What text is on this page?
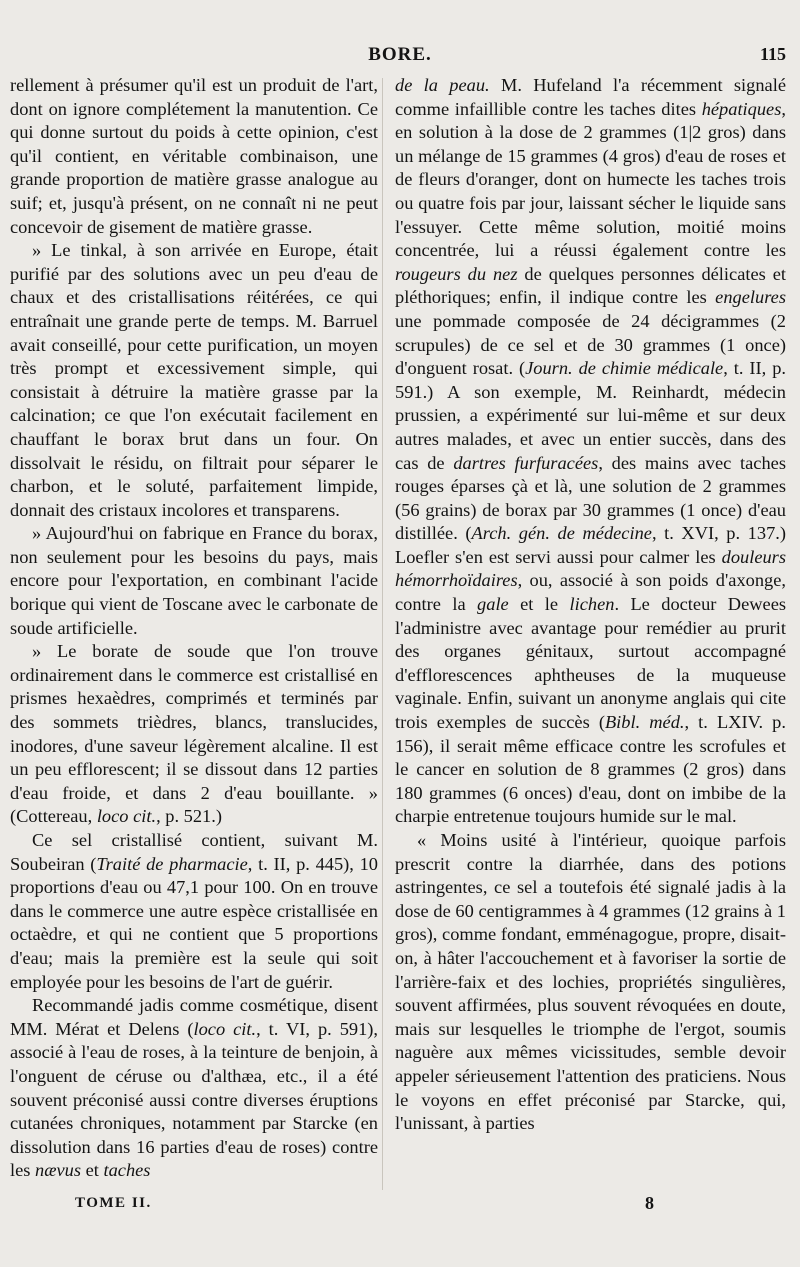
BORE.	115

rellement à présumer qu'il est un produit de l'art, dont on ignore complétement la manutention. Ce qui donne surtout du poids à cette opinion, c'est qu'il contient, en véritable combinaison, une grande proportion de matière grasse analogue au suif; et, jusqu'à présent, on ne connaît ni ne peut concevoir de gisement de matière grasse.

» Le tinkal, à son arrivée en Europe, était purifié par des solutions avec un peu d'eau de chaux et des cristallisations réitérées, ce qui entraînait une grande perte de temps. M. Barruel avait conseillé, pour cette purification, un moyen très prompt et excessivement simple, qui consistait à détruire la matière grasse par la calcination; ce que l'on exécutait facilement en chauffant le borax brut dans un four. On dissolvait le résidu, on filtrait pour séparer le charbon, et le soluté, parfaitement limpide, donnait des cristaux incolores et transparens.

» Aujourd'hui on fabrique en France du borax, non seulement pour les besoins du pays, mais encore pour l'exportation, en combinant l'acide borique qui vient de Toscane avec le carbonate de soude artificielle.

» Le borate de soude que l'on trouve ordinairement dans le commerce est cristallisé en prismes hexaèdres, comprimés et terminés par des sommets trièdres, blancs, translucides, inodores, d'une saveur légèrement alcaline. Il est un peu efflorescent; il se dissout dans 12 parties d'eau froide, et dans 2 d'eau bouillante. » (Cottereau, loco cit., p. 521.)

Ce sel cristallisé contient, suivant M. Soubeiran (Traité de pharmacie, t. II, p. 445), 10 proportions d'eau ou 47,1 pour 100. On en trouve dans le commerce une autre espèce cristallisée en octaèdre, et qui ne contient que 5 proportions d'eau; mais la première est la seule qui soit employée pour les besoins de l'art de guérir.

Recommandé jadis comme cosmétique, disent MM. Mérat et Delens (loco cit., t. VI, p. 591), associé à l'eau de roses, à la teinture de benjoin, à l'onguent de céruse ou d'althæa, etc., il a été souvent préconisé aussi contre diverses éruptions cutanées chroniques, notamment par Starcke (en dissolution dans 16 parties d'eau de roses) contre les nævus et taches

de la peau. M. Hufeland l'a récemment signalé comme infaillible contre les taches dites hépatiques, en solution à la dose de 2 grammes (1|2 gros) dans un mélange de 15 grammes (4 gros) d'eau de roses et de fleurs d'oranger, dont on humecte les taches trois ou quatre fois par jour, laissant sécher le liquide sans l'essuyer. Cette même solution, moitié moins concentrée, lui a réussi également contre les rougeurs du nez de quelques personnes délicates et pléthoriques; enfin, il indique contre les engelures une pommade composée de 24 décigrammes (2 scrupules) de ce sel et de 30 grammes (1 once) d'onguent rosat. (Journ. de chimie médicale, t. II, p. 591.) A son exemple, M. Reinhardt, médecin prussien, a expérimenté sur lui-même et sur deux autres malades, et avec un entier succès, dans des cas de dartres furfuracées, des mains avec taches rouges éparses çà et là, une solution de 2 grammes (56 grains) de borax par 30 grammes (1 once) d'eau distillée. (Arch. gén. de médecine, t. XVI, p. 137.) Loefler s'en est servi aussi pour calmer les douleurs hémorrhoïdaires, ou, associé à son poids d'axonge, contre la gale et le lichen. Le docteur Dewees l'administre avec avantage pour remédier au prurit des organes génitaux, surtout accompagné d'efflorescences aphtheuses de la muqueuse vaginale. Enfin, suivant un anonyme anglais qui cite trois exemples de succès (Bibl. méd., t. LXIV. p. 156), il serait même efficace contre les scrofules et le cancer en solution de 8 grammes (2 gros) dans 180 grammes (6 onces) d'eau, dont on imbibe de la charpie entretenue toujours humide sur le mal.

« Moins usité à l'intérieur, quoique parfois prescrit contre la diarrhée, dans des potions astringentes, ce sel a toutefois été signalé jadis à la dose de 60 centigrammes à 4 grammes (12 grains à 1 gros), comme fondant, emménagogue, propre, disait-on, à hâter l'accouchement et à favoriser la sortie de l'arrière-faix et des lochies, propriétés singulières, souvent affirmées, plus souvent révoquées en doute, mais sur lesquelles le triomphe de l'ergot, soumis naguère aux mêmes vicissitudes, semble devoir appeler sérieusement l'attention des praticiens. Nous le voyons en effet préconisé par Starcke, qui, l'unissant, à parties

TOME II.	8
